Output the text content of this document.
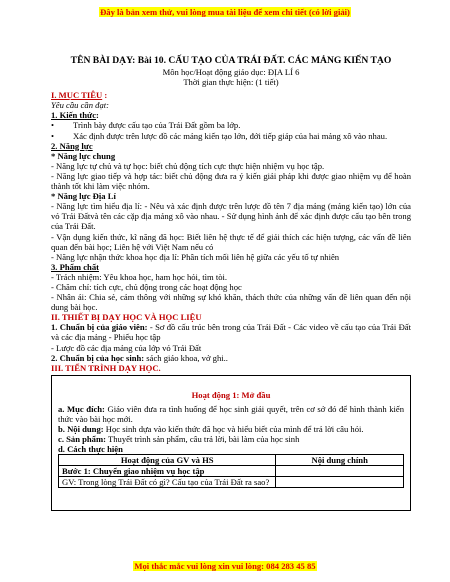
Đây là bản xem thử, vui lòng mua tài liệu để xem chi tiết (có lời giải)
TÊN BÀI DẠY: Bài 10. CẤU TẠO CỦA TRÁI ĐẤT. CÁC MẢNG KIẾN TẠO
Môn học/Hoạt động giáo dục: ĐỊA LÍ 6
Thời gian thực hiện: (1 tiết)
I. MỤC TIÊU :
Yêu cầu cần đạt:
1. Kiến thức:
• Trình bày được cấu tạo của Trái Đất gồm ba lớp.
• Xác định được trên lược đồ các mảng kiến tạo lớn, đới tiếp giáp của hai mảng xô vào nhau.
2. Năng lực
* Năng lực chung
- Năng lực tự chủ và tự học: biết chủ động tích cực thực hiện nhiệm vụ học tập.
- Năng lực giao tiếp và hợp tác: biết chủ động đưa ra ý kiến giải pháp khi được giao nhiệm vụ để hoàn thành tốt khi làm việc nhóm.
* Năng lực Địa Lí
- Năng lực tìm hiểu địa lí: - Nêu và xác định được trên lược đồ tên 7 địa mảng (mảng kiến tạo) lớn của vỏ Trái Đấtvà tên các cặp địa mảng xô vào nhau. - Sử dụng hình ảnh để xác định được cấu tạo bên trong của Trái Đất.
- Vận dụng kiến thức, kĩ năng đã học: Biết liên hệ thực tế để giải thích các hiện tượng, các vấn đề liên quan đến bài học; Liên hệ với Việt Nam nếu có
- Năng lực nhận thức khoa học địa lí: Phân tích mối liên hệ giữa các yếu tố tự nhiên
3. Phẩm chất
- Trách nhiệm: Yêu khoa học, ham học hỏi, tìm tòi.
- Chăm chỉ: tích cực, chủ động trong các hoạt động học
- Nhân ái: Chia sẻ, cảm thông với những sự khó khăn, thách thức của những vấn đề liên quan đến nội dung bài học.
II. THIẾT BỊ DẠY HỌC VÀ HỌC LIỆU
1. Chuẩn bị của giáo viên: - Sơ đồ cấu trúc bên trong của Trái Đất - Các video về cấu tạo của Trái Đất và các địa mảng - Phiếu học tập
- Lược đồ các địa mảng của lớp vỏ Trái Đất
2. Chuẩn bị của học sinh: sách giáo khoa, vở ghi..
III. TIẾN TRÌNH DẠY HỌC.
Hoạt động 1: Mở đầu
a. Mục đích: Giáo viên đưa ra tình huống để học sinh giải quyết, trên cơ sở đó để hình thành kiến thức vào bài học mới.
b. Nội dung: Học sinh dựa vào kiến thức đã học và hiểu biết của mình để trả lời câu hỏi.
c. Sản phẩm: Thuyết trình sản phẩm, câu trả lời, bài làm của học sinh
d. Cách thực hiện
Hoạt động của GV và HS	Nội dung chính
Bước 1: Chuyển giao nhiệm vụ học tập	
GV: Trong lòng Trái Đất có gì? Cấu tạo của Trái Đất ra sao?	
Mọi thắc mắc vui lòng xin vui lòng: 084 283 45 85
